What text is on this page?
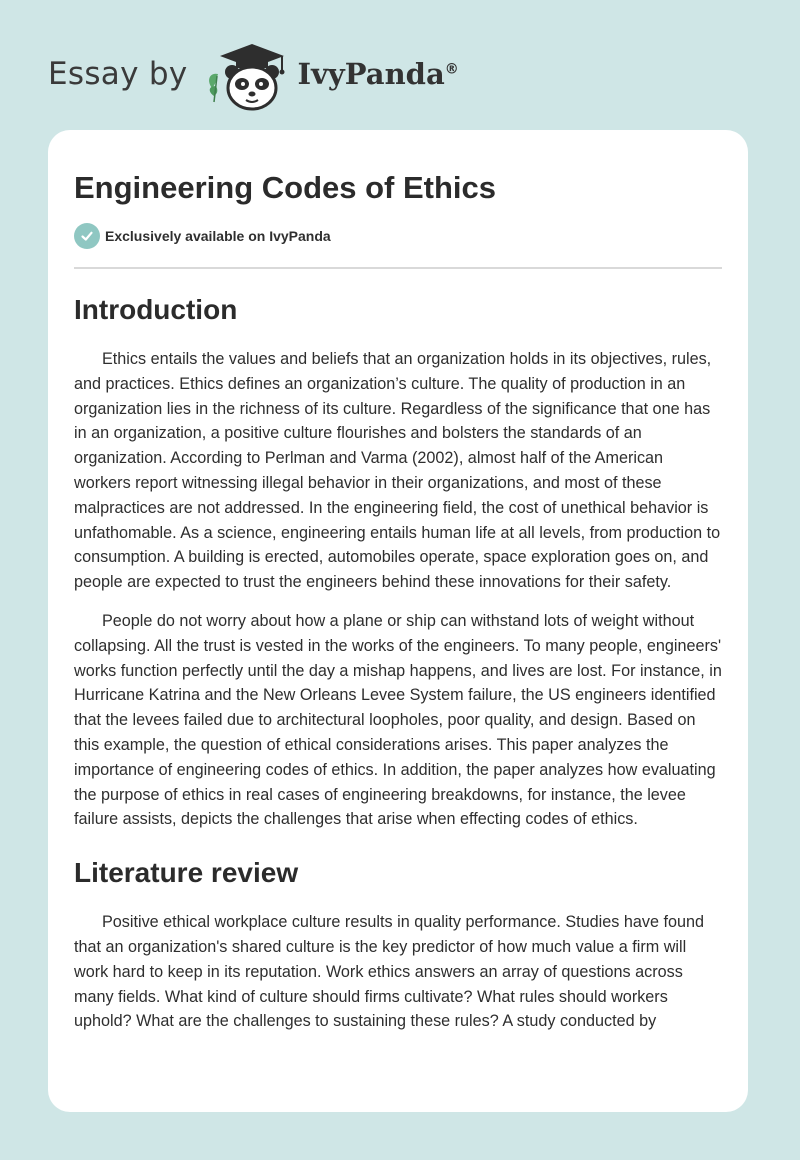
Essay by	IvyPanda®
Engineering Codes of Ethics
Exclusively available on IvyPanda
Introduction

Ethics entails the values and beliefs that an organization holds in its objectives, rules, and practices. Ethics defines an organization’s culture. The quality of production in an organization lies in the richness of its culture. Regardless of the significance that one has in an organization, a positive culture flourishes and bolsters the standards of an organization. According to Perlman and Varma (2002), almost half of the American workers report witnessing illegal behavior in their organizations, and most of these malpractices are not addressed. In the engineering field, the cost of unethical behavior is unfathomable. As a science, engineering entails human life at all levels, from production to consumption. A building is erected, automobiles operate, space exploration goes on, and people are expected to trust the engineers behind these innovations for their safety.

People do not worry about how a plane or ship can withstand lots of weight without collapsing. All the trust is vested in the works of the engineers. To many people, engineers' works function perfectly until the day a mishap happens, and lives are lost. For instance, in Hurricane Katrina and the New Orleans Levee System failure, the US engineers identified that the levees failed due to architectural loopholes, poor quality, and design. Based on this example, the question of ethical considerations arises. This paper analyzes the importance of engineering codes of ethics. In addition, the paper analyzes how evaluating the purpose of ethics in real cases of engineering breakdowns, for instance, the levee failure assists, depicts the challenges that arise when effecting codes of ethics.

Literature review

Positive ethical workplace culture results in quality performance. Studies have found that an organization's shared culture is the key predictor of how much value a firm will work hard to keep in its reputation. Work ethics answers an array of questions across many fields. What kind of culture should firms cultivate? What rules should workers uphold? What are the challenges to sustaining these rules? A study conducted by
